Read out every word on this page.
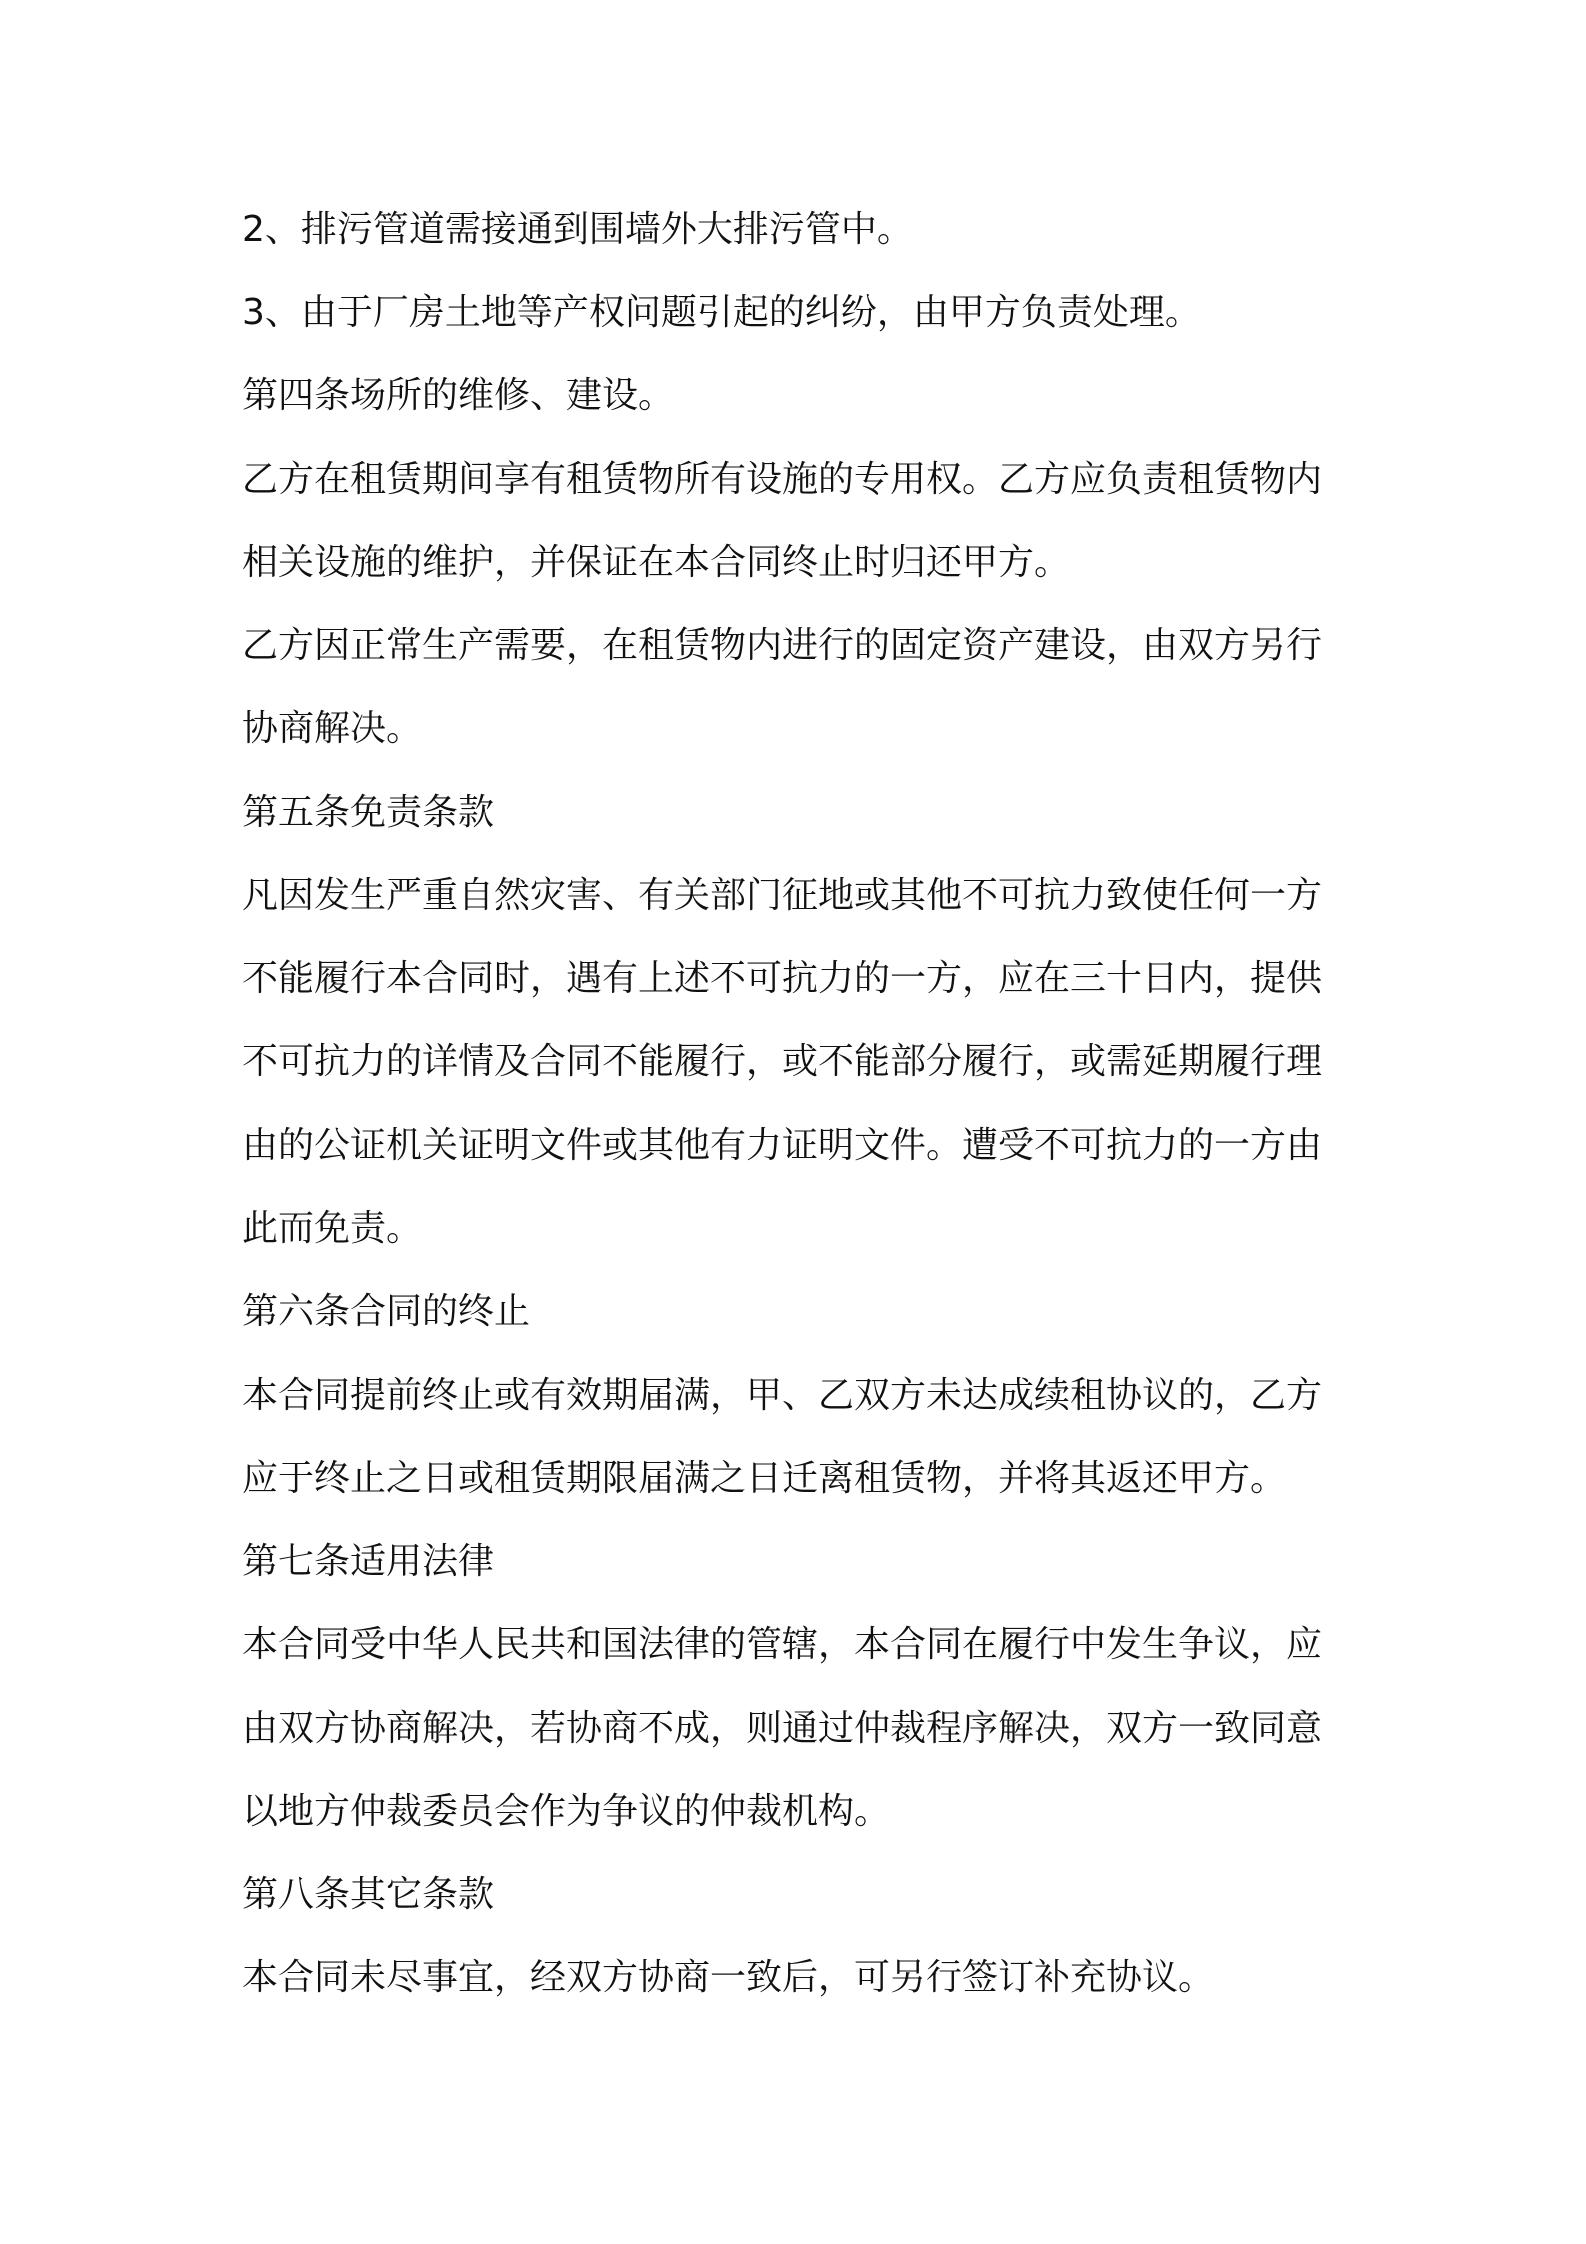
2、排污管道需接通到围墙外大排污管中。
3、由于厂房土地等产权问题引起的纠纷，由甲方负责处理。
第四条场所的维修、建设。
乙方在租赁期间享有租赁物所有设施的专用权。乙方应负责租赁物内
相关设施的维护，并保证在本合同终止时归还甲方。
乙方因正常生产需要，在租赁物内进行的固定资产建设，由双方另行
协商解决。
第五条免责条款
凡因发生严重自然灾害、有关部门征地或其他不可抗力致使任何一方
不能履行本合同时，遇有上述不可抗力的一方，应在三十日内，提供
不可抗力的详情及合同不能履行，或不能部分履行，或需延期履行理
由的公证机关证明文件或其他有力证明文件。遭受不可抗力的一方由
此而免责。
第六条合同的终止
本合同提前终止或有效期届满，甲、乙双方未达成续租协议的，乙方
应于终止之日或租赁期限届满之日迁离租赁物，并将其返还甲方。
第七条适用法律
本合同受中华人民共和国法律的管辖，本合同在履行中发生争议，应
由双方协商解决，若协商不成，则通过仲裁程序解决，双方一致同意
以地方仲裁委员会作为争议的仲裁机构。
第八条其它条款
本合同未尽事宜，经双方协商一致后，可另行签订补充协议。
